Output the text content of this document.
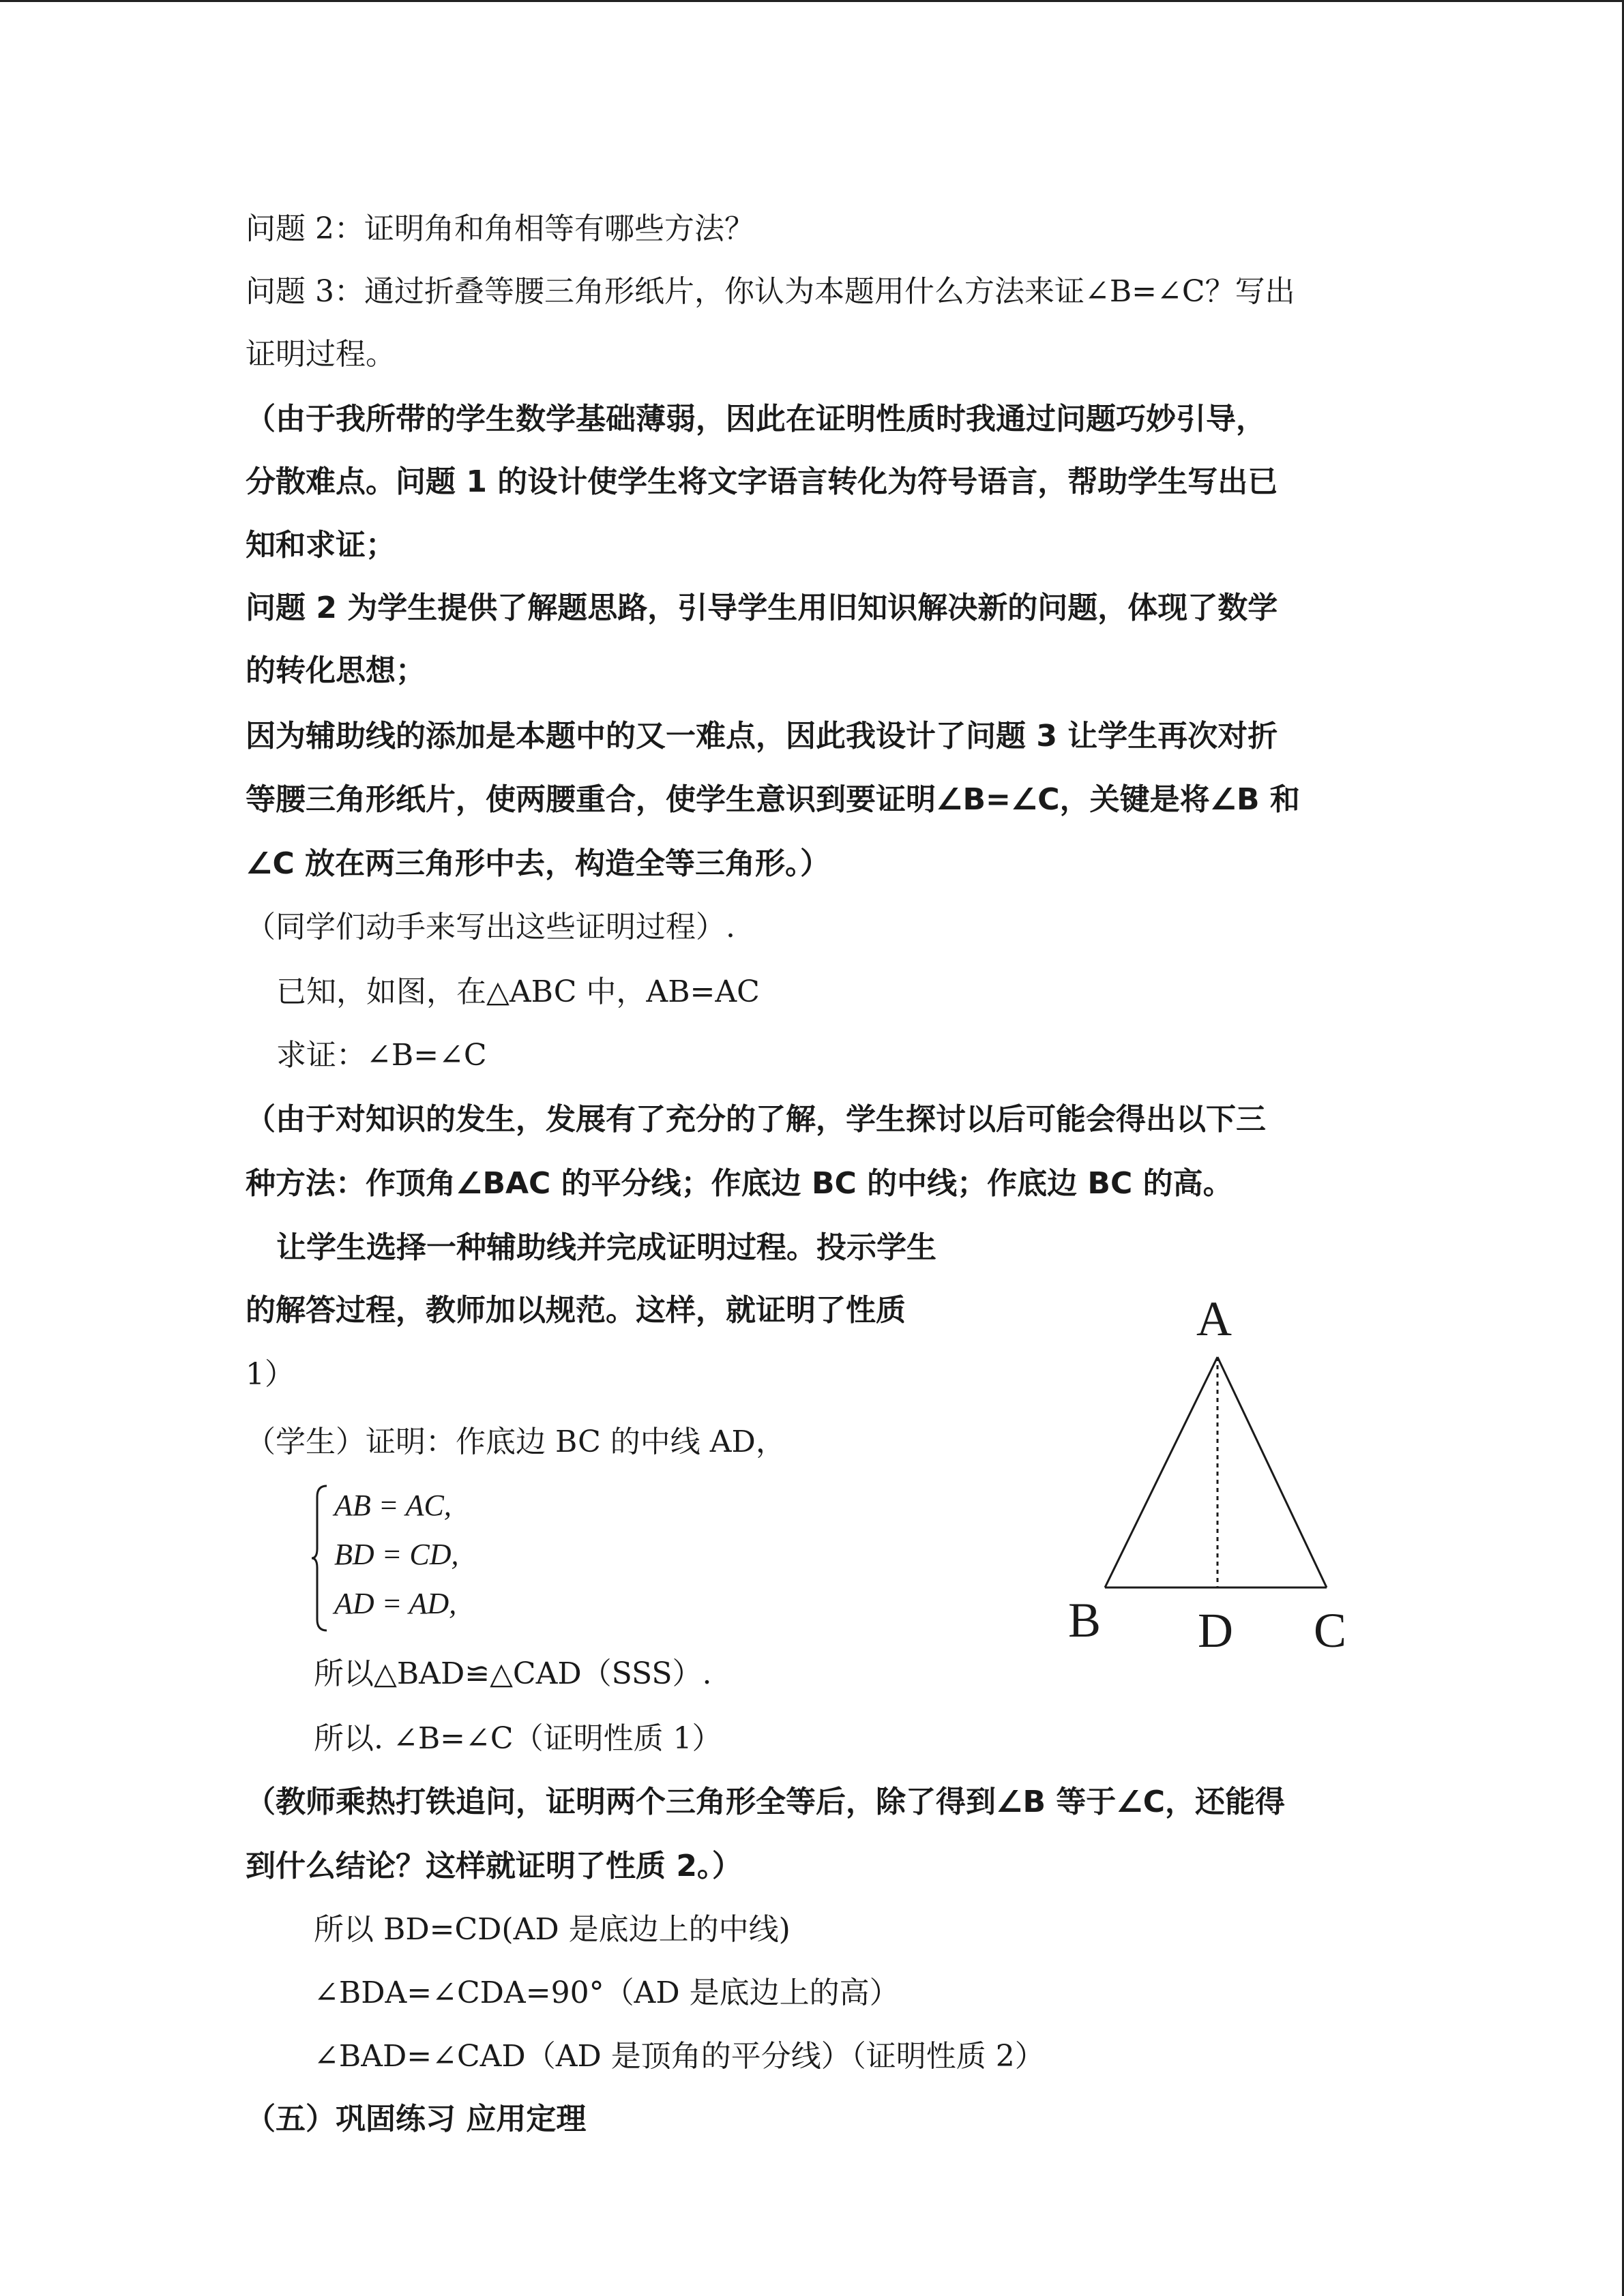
问题 2：证明角和角相等有哪些方法？
问题 3：通过折叠等腰三角形纸片，你认为本题用什么方法来证∠B=∠C？写出
证明过程。
（由于我所带的学生数学基础薄弱，因此在证明性质时我通过问题巧妙引导，
分散难点。问题 1 的设计使学生将文字语言转化为符号语言，帮助学生写出已
知和求证；
问题 2 为学生提供了解题思路，引导学生用旧知识解决新的问题，体现了数学
的转化思想；
因为辅助线的添加是本题中的又一难点，因此我设计了问题 3 让学生再次对折
等腰三角形纸片，使两腰重合，使学生意识到要证明∠B=∠C，关键是将∠B 和
∠C 放在两三角形中去，构造全等三角形。）
（同学们动手来写出这些证明过程）.
已知，如图，在△ABC 中，AB=AC
求证：∠B=∠C
（由于对知识的发生，发展有了充分的了解，学生探讨以后可能会得出以下三
种方法：作顶角∠BAC 的平分线；作底边 BC 的中线；作底边 BC 的高。
让学生选择一种辅助线并完成证明过程。投示学生
的解答过程，教师加以规范。这样，就证明了性质
1）
（学生）证明：作底边 BC 的中线 AD，
AB = AC,
BD = CD,
AD = AD,
所以△BAD≌△CAD（SSS）.
所以. ∠B=∠C（证明性质 1）
（教师乘热打铁追问，证明两个三角形全等后，除了得到∠B 等于∠C，还能得
到什么结论？这样就证明了性质 2。）
所以 BD=CD(AD 是底边上的中线)
∠BDA=∠CDA=90°（AD 是底边上的高）
∠BAD=∠CAD（AD 是顶角的平分线）（证明性质 2）
（五）巩固练习 应用定理
A
B D C
